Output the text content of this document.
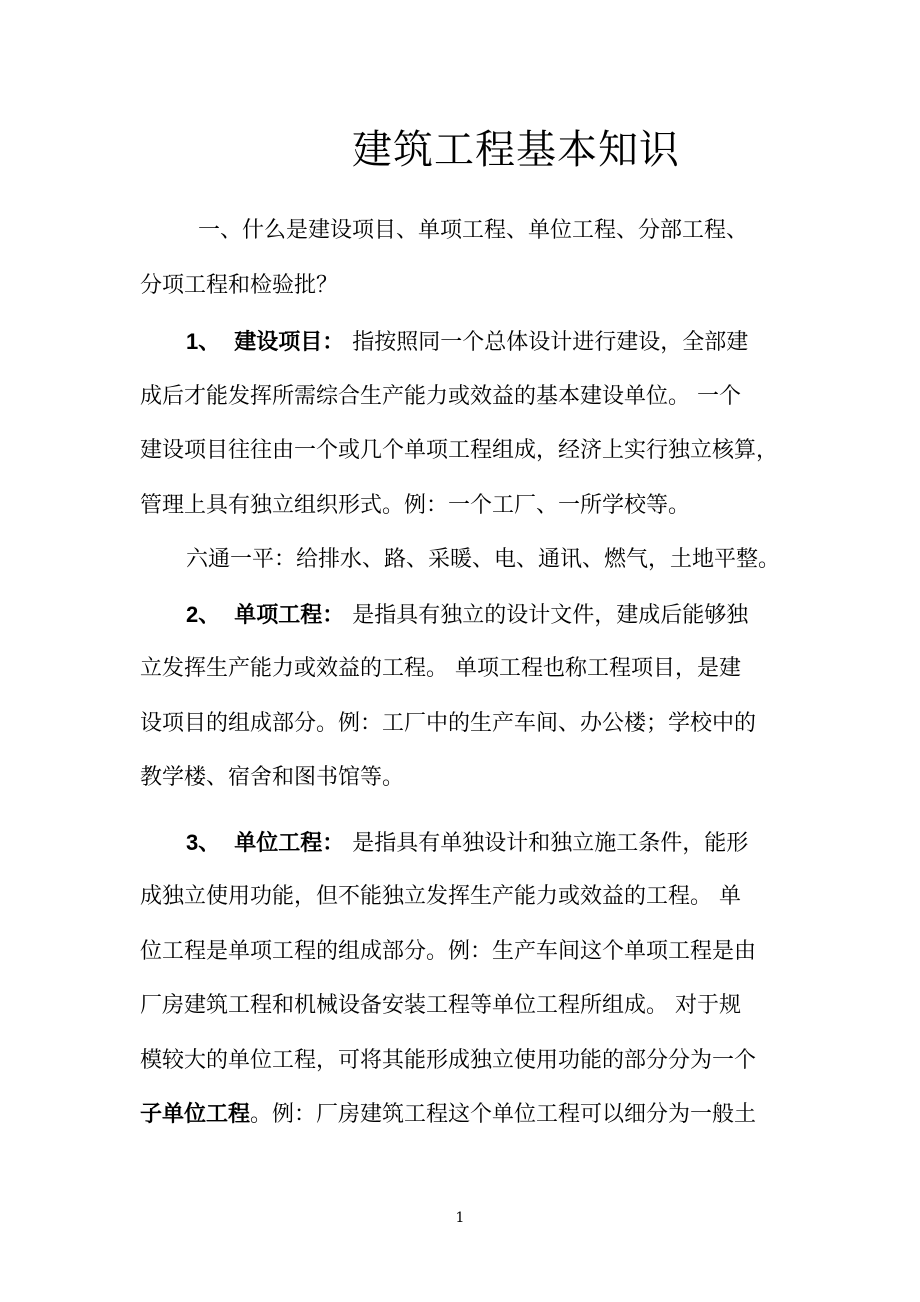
建筑工程基本知识
一、什么是建设项目、单项工程、单位工程、分部工程、
分项工程和检验批？
1、 建设项目： 指按照同一个总体设计进行建设，全部建
成后才能发挥所需综合生产能力或效益的基本建设单位。 一个
建设项目往往由一个或几个单项工程组成，经济上实行独立核算，
管理上具有独立组织形式。例：一个工厂、一所学校等。
六通一平：给排水、路、采暖、电、通讯、燃气，土地平整。
2、 单项工程： 是指具有独立的设计文件，建成后能够独
立发挥生产能力或效益的工程。 单项工程也称工程项目，是建
设项目的组成部分。例：工厂中的生产车间、办公楼；学校中的
教学楼、宿舍和图书馆等。
3、 单位工程： 是指具有单独设计和独立施工条件，能形
成独立使用功能，但不能独立发挥生产能力或效益的工程。 单
位工程是单项工程的组成部分。例：生产车间这个单项工程是由
厂房建筑工程和机械设备安装工程等单位工程所组成。 对于规
模较大的单位工程，可将其能形成独立使用功能的部分分为一个
子单位工程。例：厂房建筑工程这个单位工程可以细分为一般土
1
